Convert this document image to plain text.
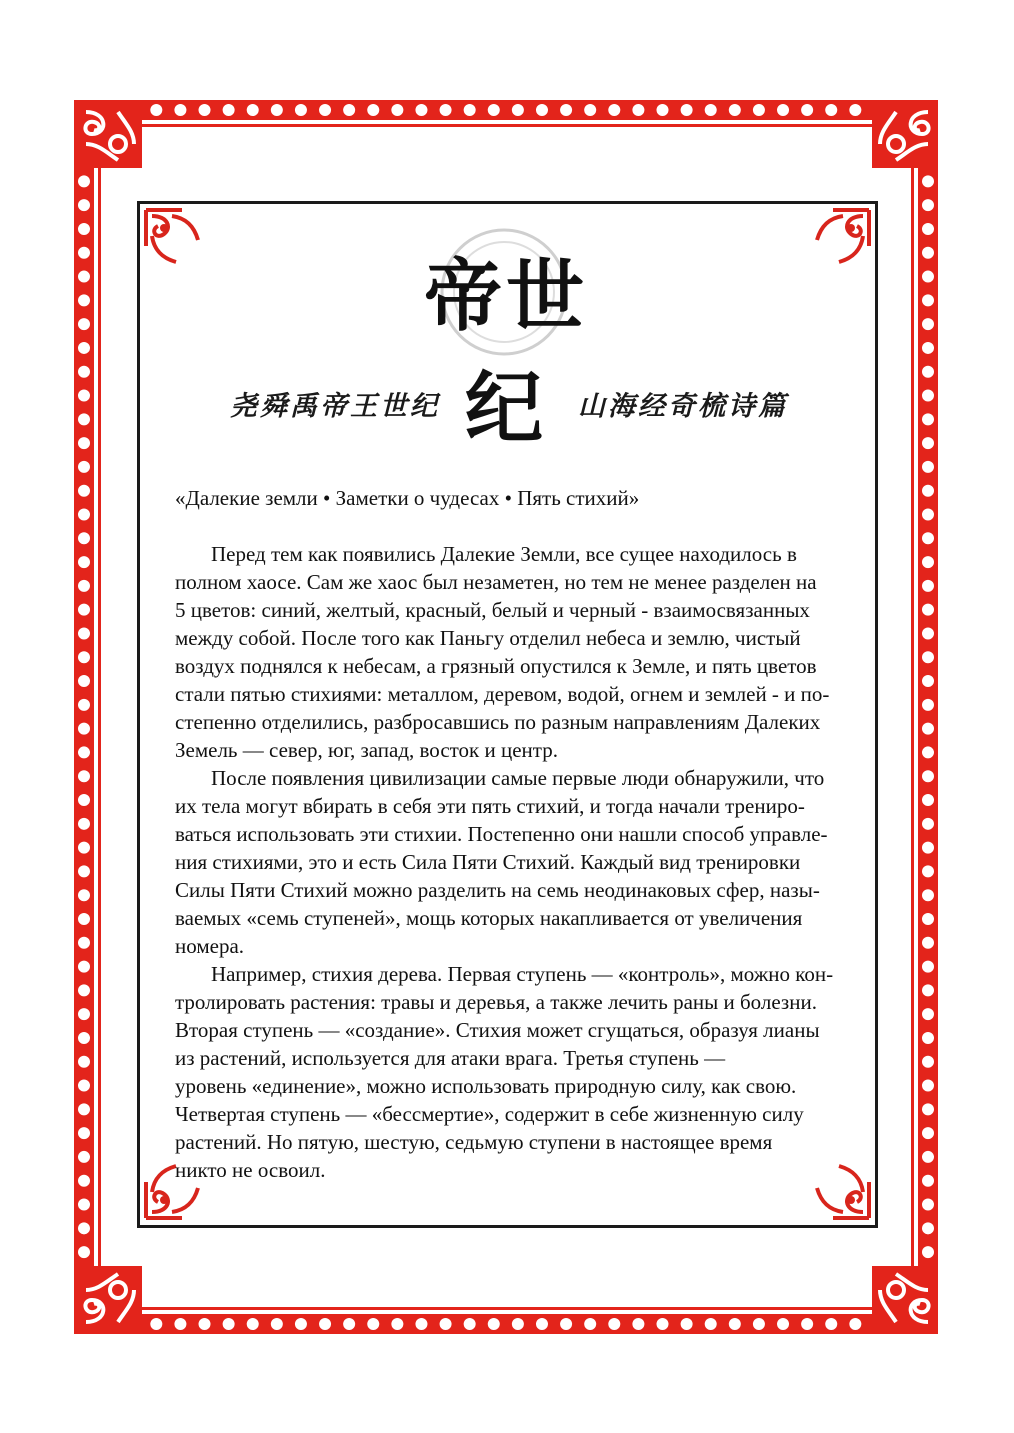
帝世纪
尧舜禹帝王世纪	山海经奇梳诗篇
«Далекие земли • Заметки о чудесах • Пять стихий»
Перед тем как появились Далекие Земли, все сущее находилось в
полном хаосе. Сам же хаос был незаметен, но тем не менее разделен на
5 цветов: синий, желтый, красный, белый и черный - взаимосвязанных
между собой. После того как Паньгу отделил небеса и землю, чистый
воздух поднялся к небесам, а грязный опустился к Земле, и пять цветов
стали пятью стихиями: металлом, деревом, водой, огнем и землей - и по-
степенно отделились, разбросавшись по разным направлениям Далеких
Земель — север, юг, запад, восток и центр.
После появления цивилизации самые первые люди обнаружили, что
их тела могут вбирать в себя эти пять стихий, и тогда начали трениро-
ваться использовать эти стихии. Постепенно они нашли способ управле-
ния стихиями, это и есть Сила Пяти Стихий. Каждый вид тренировки
Силы Пяти Стихий можно разделить на семь неодинаковых сфер, назы-
ваемых «семь ступеней», мощь которых накапливается от увеличения
номера.
Например, стихия дерева. Первая ступень — «контроль», можно кон-
тролировать растения: травы и деревья, а также лечить раны и болезни.
Вторая ступень — «создание». Стихия может сгущаться, образуя лианы
из растений, используется для атаки врага. Третья ступень —
уровень «единение», можно использовать природную силу, как свою.
Четвертая ступень — «бессмертие», содержит в себе жизненную силу
растений. Но пятую, шестую, седьмую ступени в настоящее время
никто не освоил.
